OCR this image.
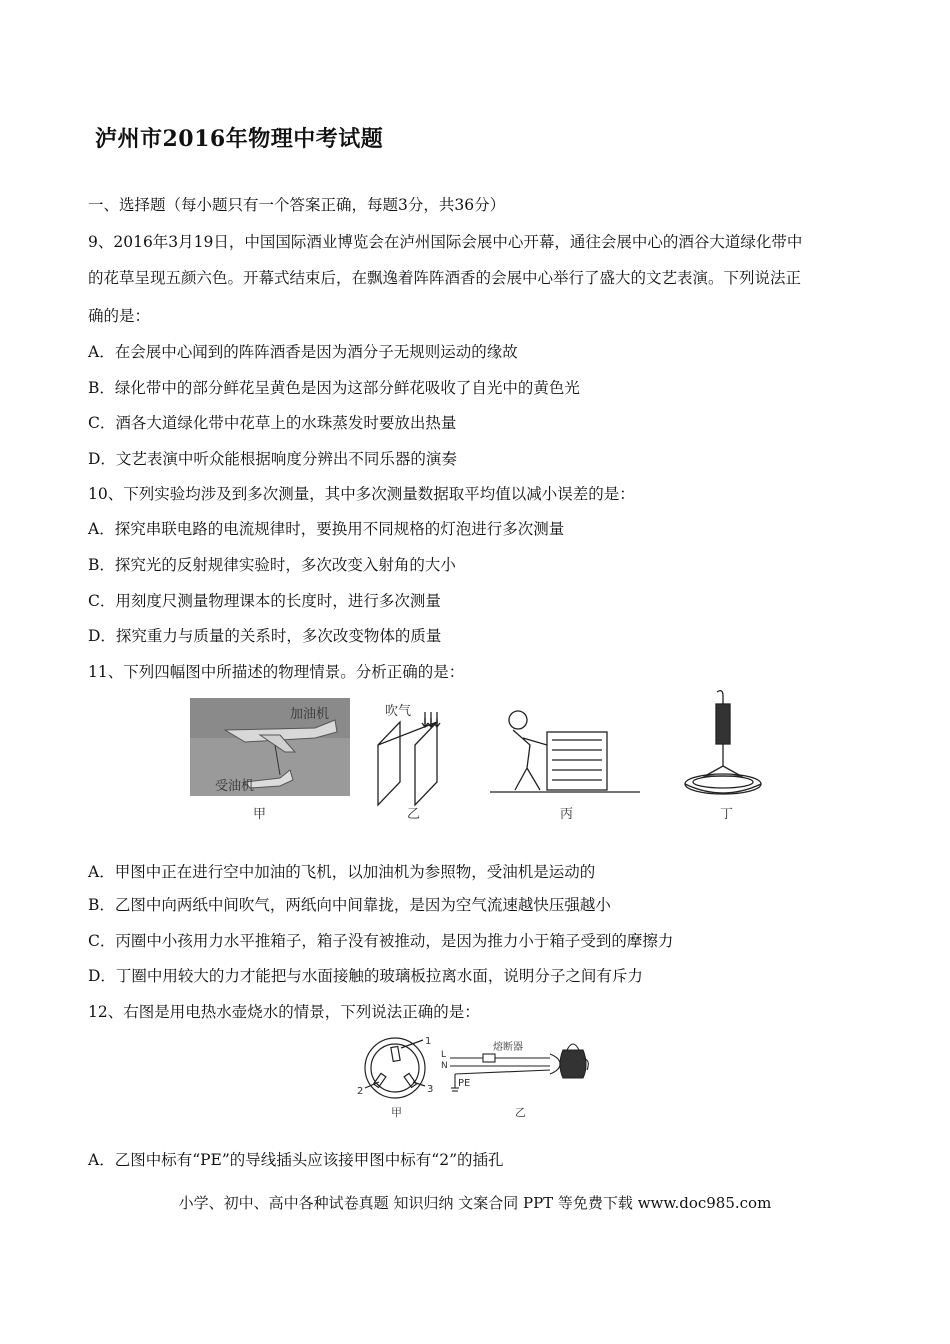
泸州市2016年物理中考试题
一、选择题（每小题只有一个答案正确，每题3分，共36分）
9、2016年3月19日，中国国际酒业博览会在泸州国际会展中心开幕，通往会展中心的酒谷大道绿化带中
的花草呈现五颜六色。开幕式结束后，在飘逸着阵阵酒香的会展中心举行了盛大的文艺表演。下列说法正
确的是：
A．在会展中心闻到的阵阵酒香是因为酒分子无规则运动的缘故
B．绿化带中的部分鲜花呈黄色是因为这部分鲜花吸收了自光中的黄色光
C．酒各大道绿化带中花草上的水珠蒸发时要放出热量
D．文艺表演中听众能根据响度分辨出不同乐器的演奏
10、下列实验均涉及到多次测量，其中多次测量数据取平均值以减小误差的是：
A．探究串联电路的电流规律时，要换用不同规格的灯泡进行多次测量
B．探究光的反射规律实验时，多次改变入射角的大小
C．用刻度尺测量物理课本的长度时，进行多次测量
D．探究重力与质量的关系时，多次改变物体的质量
11、下列四幅图中所描述的物理情景。分析正确的是：
加油机
受油机
甲
吹气
乙	丙	丁
A．甲图中正在进行空中加油的飞机，以加油机为参照物，受油机是运动的
B．乙图中向两纸中间吹气，两纸向中间靠拢，是因为空气流速越快压强越小
C．丙圈中小孩用力水平推箱子，箱子没有被推动，是因为推力小于箱子受到的摩擦力
D．丁圈中用较大的力才能把与水面接触的玻璃板拉离水面，说明分子之间有斥力
12、右图是用电热水壶烧水的情景，下列说法正确的是：
1
2	3
甲
L
N
PE
熔断器
乙
A．乙图中标有“PE”的导线插头应该接甲图中标有“2”的插孔
小学、初中、高中各种试卷真题 知识归纳 文案合同 PPT 等免费下载 www.doc985.com
